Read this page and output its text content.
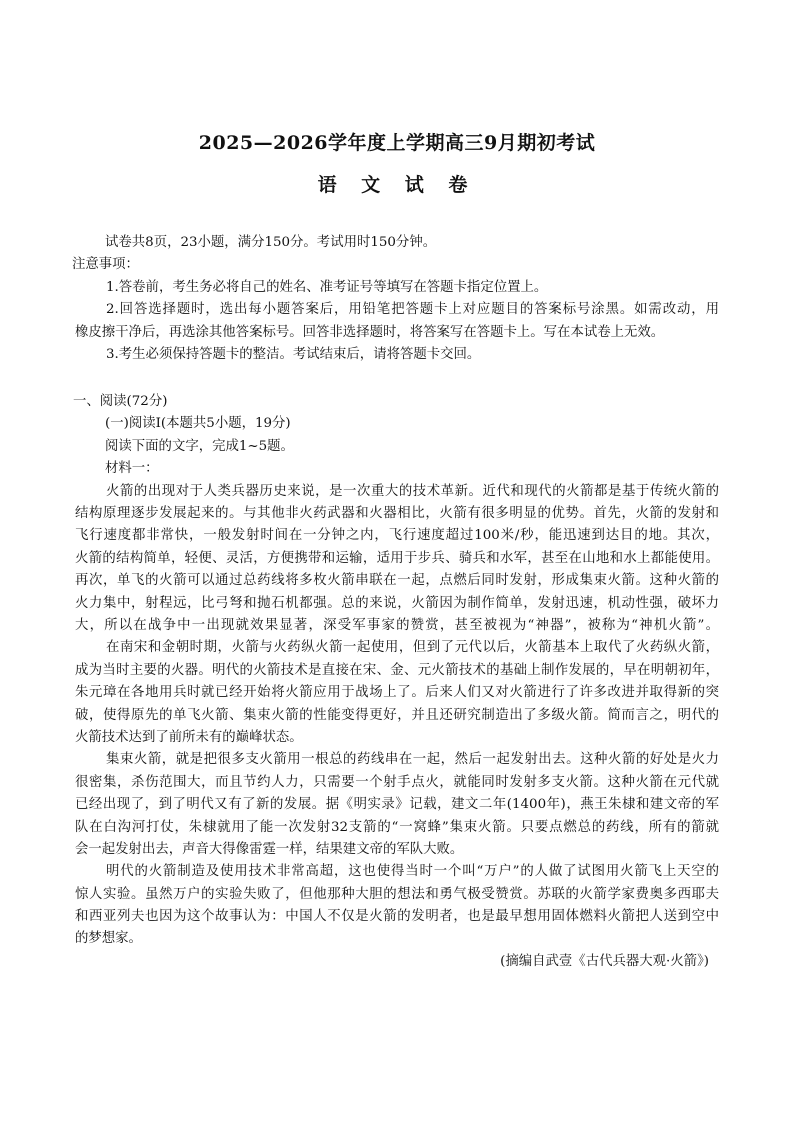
2025—2026学年度上学期高三9月期初考试
语 文 试 卷
试卷共8页，23小题，满分150分。考试用时150分钟。
注意事项：
1.答卷前，考生务必将自己的姓名、准考证号等填写在答题卡指定位置上。
2.回答选择题时，选出每小题答案后，用铅笔把答题卡上对应题目的答案标号涂黑。如需改动，用
橡皮擦干净后，再选涂其他答案标号。回答非选择题时，将答案写在答题卡上。写在本试卷上无效。
3.考生必须保持答题卡的整洁。考试结束后，请将答题卡交回。
一、阅读(72分)
(一)阅读Ⅰ(本题共5小题，19分)
阅读下面的文字，完成1~5题。
材料一：
火箭的出现对于人类兵器历史来说，是一次重大的技术革新。近代和现代的火箭都是基于传统火箭的
结构原理逐步发展起来的。与其他非火药武器和火器相比，火箭有很多明显的优势。首先，火箭的发射和
飞行速度都非常快，一般发射时间在一分钟之内，飞行速度超过100米/秒，能迅速到达目的地。其次，
火箭的结构简单，轻便、灵活，方便携带和运输，适用于步兵、骑兵和水军，甚至在山地和水上都能使用。
再次，单飞的火箭可以通过总药线将多枚火箭串联在一起，点燃后同时发射，形成集束火箭。这种火箭的
火力集中，射程远，比弓弩和抛石机都强。总的来说，火箭因为制作简单，发射迅速，机动性强，破坏力
大，所以在战争中一出现就效果显著，深受军事家的赞赏，甚至被视为“神器”，被称为“神机火箭”。
在南宋和金朝时期，火箭与火药纵火箭一起使用，但到了元代以后，火箭基本上取代了火药纵火箭，
成为当时主要的火器。明代的火箭技术是直接在宋、金、元火箭技术的基础上制作发展的，早在明朝初年，
朱元璋在各地用兵时就已经开始将火箭应用于战场上了。后来人们又对火箭进行了许多改进并取得新的突
破，使得原先的单飞火箭、集束火箭的性能变得更好，并且还研究制造出了多级火箭。简而言之，明代的
火箭技术达到了前所未有的巅峰状态。
集束火箭，就是把很多支火箭用一根总的药线串在一起，然后一起发射出去。这种火箭的好处是火力
很密集，杀伤范围大，而且节约人力，只需要一个射手点火，就能同时发射多支火箭。这种火箭在元代就
已经出现了，到了明代又有了新的发展。据《明实录》记载，建文二年(1400年)，燕王朱棣和建文帝的军
队在白沟河打仗，朱棣就用了能一次发射32支箭的“一窝蜂”集束火箭。只要点燃总的药线，所有的箭就
会一起发射出去，声音大得像雷霆一样，结果建文帝的军队大败。
明代的火箭制造及使用技术非常高超，这也使得当时一个叫“万户”的人做了试图用火箭飞上天空的
惊人实验。虽然万户的实验失败了，但他那种大胆的想法和勇气极受赞赏。苏联的火箭学家费奥多西耶夫
和西亚列夫也因为这个故事认为：中国人不仅是火箭的发明者，也是最早想用固体燃料火箭把人送到空中
的梦想家。
(摘编自武壹《古代兵器大观·火箭》)
